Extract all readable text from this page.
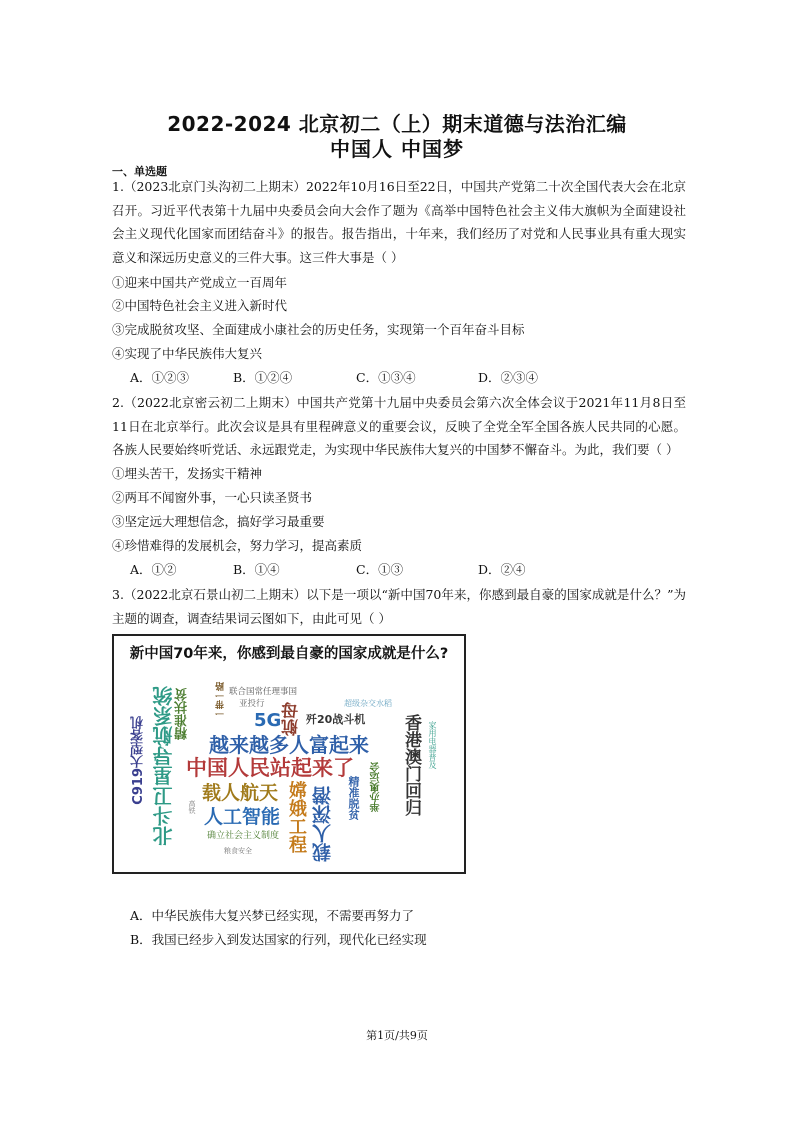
2022-2024 北京初二（上）期末道德与法治汇编
中国人 中国梦
一、单选题
1.（2023北京门头沟初二上期末）2022年10月16日至22日，中国共产党第二十次全国代表大会在北京召开。习近平代表第十九届中央委员会向大会作了题为《高举中国特色社会主义伟大旗帜为全面建设社会主义现代化国家而团结奋斗》的报告。报告指出，十年来，我们经历了对党和人民事业具有重大现实意义和深远历史意义的三件大事。这三件大事是（ ）
①迎来中国共产党成立一百周年
②中国特色社会主义进入新时代
③完成脱贫攻坚、全面建成小康社会的历史任务，实现第一个百年奋斗目标
④实现了中华民族伟大复兴
A．①②③	B．①②④	C．①③④	D．②③④
2.（2022北京密云初二上期末）中国共产党第十九届中央委员会第六次全体会议于2021年11月8日至11日在北京举行。此次会议是具有里程碑意义的重要会议，反映了全党全军全国各族人民共同的心愿。各族人民要始终听党话、永远跟党走，为实现中华民族伟大复兴的中国梦不懈奋斗。为此，我们要（ ）
①埋头苦干，发扬实干精神
②两耳不闻窗外事，一心只读圣贤书
③坚定远大理想信念，搞好学习最重要
④珍惜难得的发展机会，努力学习，提高素质
A．①②	B．①④	C．①③	D．②④
3.（2022北京石景山初二上期末）以下是一项以“新中国70年来，你感到最自豪的国家成就是什么？”为主题的调查，调查结果词云图如下，由此可见（ ）
新中国70年来，你感到最自豪的国家成就是什么?
北斗卫星导航系统
C919大型客机
精准扶贫	一带一路 联合国常任理事国
亚投行
5G 航母 歼20战斗机
超级杂交水稻
越来越多人富起来 香港澳门回归 家用电器普及
中国人民站起来了 举办奥运会
载人航天 嫦娥工程	精准脱贫
人工智能 载人深潜
确立社会主义制度
粮食安全
高铁
A．中华民族伟大复兴梦已经实现，不需要再努力了
B．我国已经步入到发达国家的行列，现代化已经实现
第1页/共9页
